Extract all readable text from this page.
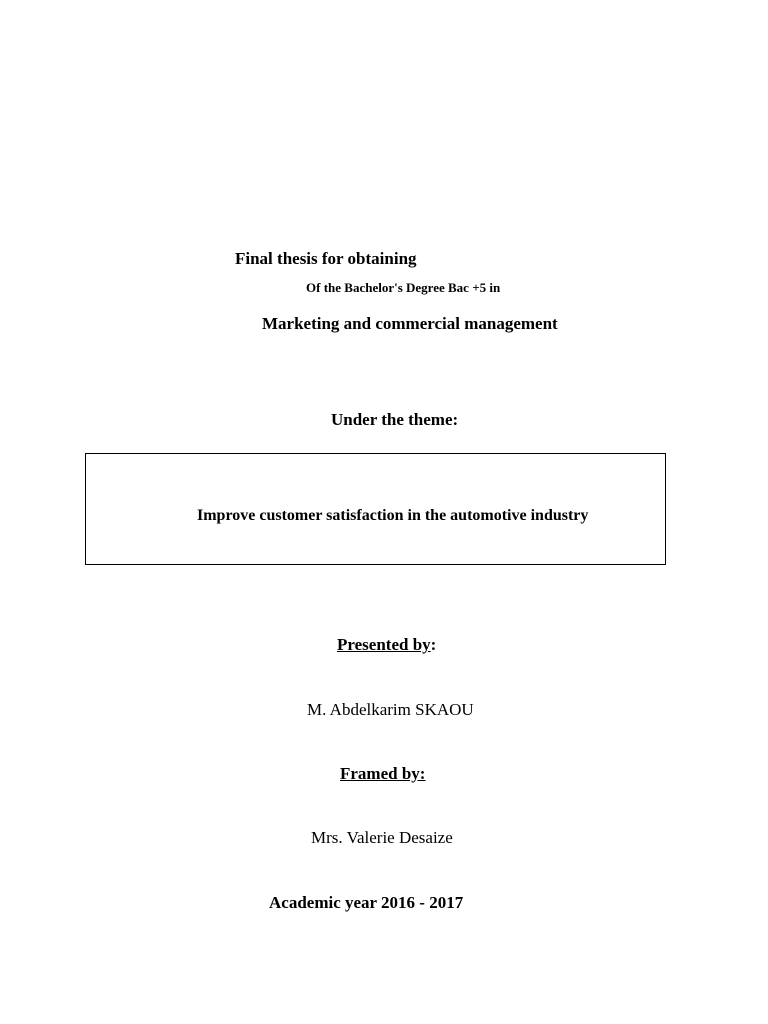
Final thesis for obtaining
Of the Bachelor's Degree Bac +5 in
Marketing and commercial management
Under the theme:
Improve customer satisfaction in the automotive industry
Presented by:
M. Abdelkarim SKAOU
Framed by:
Mrs. Valerie Desaize
Academic year 2016 - 2017
